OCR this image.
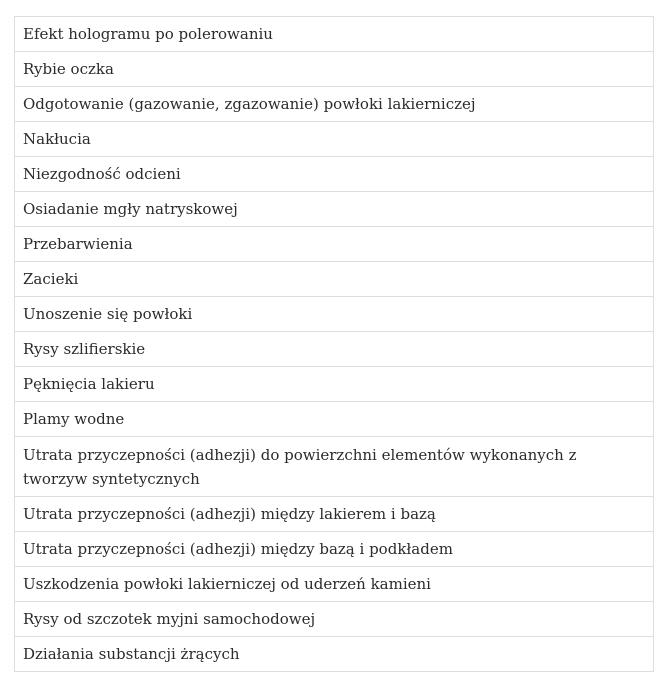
Efekt hologramu po polerowaniu
Rybie oczka
Odgotowanie (gazowanie, zgazowanie) powłoki lakierniczej
Nakłucia
Niezgodność odcieni
Osiadanie mgły natryskowej
Przebarwienia
Zacieki
Unoszenie się powłoki
Rysy szlifierskie
Pęknięcia lakieru
Plamy wodne
Utrata przyczepności (adhezji) do powierzchni elementów wykonanych z tworzyw syntetycznych
Utrata przyczepności (adhezji) między lakierem i bazą
Utrata przyczepności (adhezji) między bazą i podkładem
Uszkodzenia powłoki lakierniczej od uderzeń kamieni
Rysy od szczotek myjni samochodowej
Działania substancji żrących
